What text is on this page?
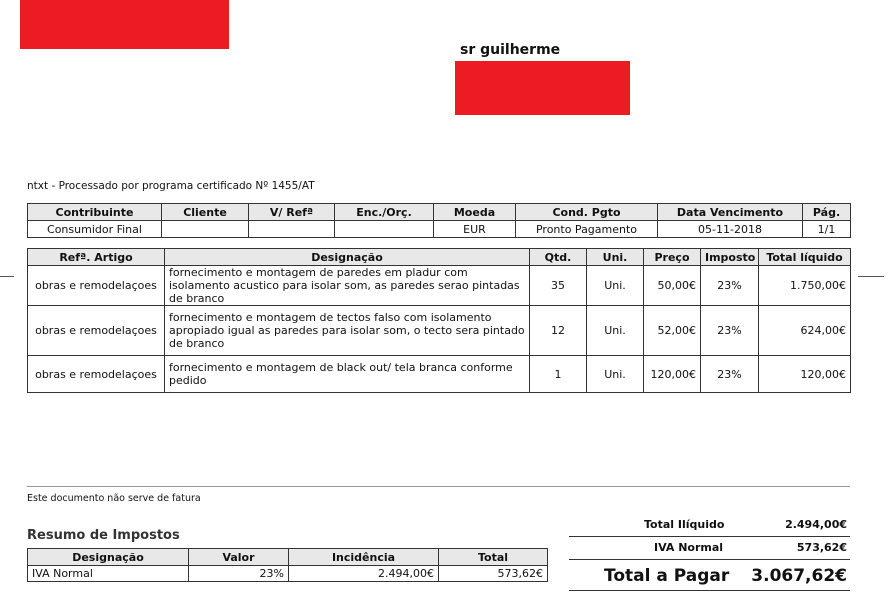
sr guilherme
ntxt - Processado por programa certificado Nº 1455/AT
Contribuinte	Cliente	V/ Refª	Enc./Orç.	Moeda	Cond. Pgto	Data Vencimento	Pág.
Consumidor Final				EUR	Pronto Pagamento	05-11-2018	1/1
Refª. Artigo	Designação	Qtd.	Uni.	Preço	Imposto	Total líquido
obras e remodelaçoes	fornecimento e montagem de paredes em pladur com isolamento acustico para isolar som, as paredes serao pintadas de branco	35	Uni.	50,00€	23%	1.750,00€
obras e remodelaçoes	fornecimento e montagem de tectos falso com isolamento apropiado igual as paredes para isolar som, o tecto sera pintado de branco	12	Uni.	52,00€	23%	624,00€
obras e remodelaçoes	fornecimento e montagem de black out/ tela branca conforme pedido	1	Uni.	120,00€	23%	120,00€
Este documento não serve de fatura
Resumo de Impostos
Designação	Valor	Incidência	Total
IVA Normal	23%	2.494,00€	573,62€
Total Ilíquido	2.494,00€
IVA Normal	573,62€
Total a Pagar 3.067,62€
